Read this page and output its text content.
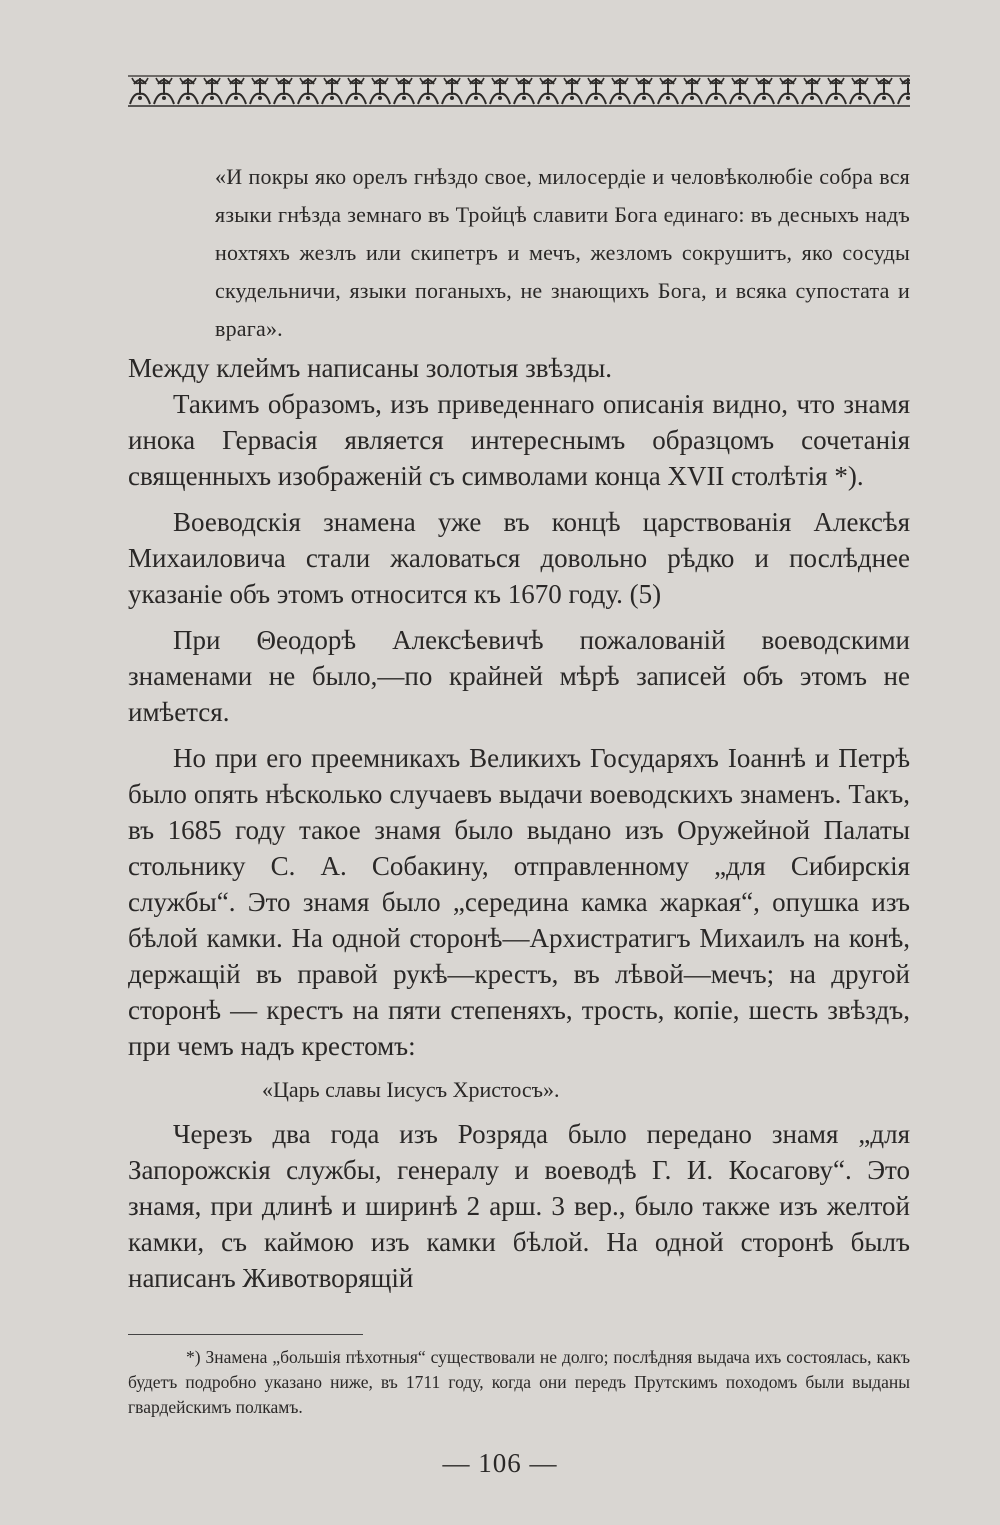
«И покры яко орелъ гнѣздо свое, милосердіе и человѣколюбіе собра вся языки гнѣзда земнаго въ Тройцѣ славити Бога единаго: въ десныхъ надъ нохтяхъ жезлъ или скипетръ и мечъ, жезломъ сокрушитъ, яко сосуды скудельничи, языки поганыхъ, не знающихъ Бога, и всяка супостата и врага».

Между клеймъ написаны золотыя звѣзды.

Такимъ образомъ, изъ приведеннаго описанія видно, что знамя инока Гервасія является интереснымъ образцомъ сочетанія священныхъ изображеній съ символами конца XVII столѣтія *).

Воеводскія знамена уже въ концѣ царствованія Алексѣя Михаиловича стали жаловаться довольно рѣдко и послѣднее указаніе объ этомъ относится къ 1670 году. (5)

При Θеодорѣ Алексѣевичѣ пожалованій воеводскими знаменами не было,—по крайней мѣрѣ записей объ этомъ не имѣется.

Но при его преемникахъ Великихъ Государяхъ Іоаннѣ и Петрѣ было опять нѣсколько случаевъ выдачи воеводскихъ знаменъ. Такъ, въ 1685 году такое знамя было выдано изъ Оружейной Палаты стольнику С. А. Собакину, отправленному „для Сибирскія службы“. Это знамя было „середина камка жаркая“, опушка изъ бѣлой камки. На одной сторонѣ—Архистратигъ Михаилъ на конѣ, держащій въ правой рукѣ—крестъ, въ лѣвой—мечъ; на другой сторонѣ — крестъ на пяти степеняхъ, трость, копіе, шесть звѣздъ, при чемъ надъ крестомъ:

«Царь славы Іисусъ Христосъ».

Черезъ два года изъ Розряда было передано знамя „для Запорожскія службы, генералу и воеводѣ Г. И. Косагову“. Это знамя, при длинѣ и ширинѣ 2 арш. 3 вер., было также изъ желтой камки, съ каймою изъ камки бѣлой. На одной сторонѣ былъ написанъ Животворящій

*) Знамена „большія пѣхотныя“ существовали не долго; послѣдняя выдача ихъ состоялась, какъ будетъ подробно указано ниже, въ 1711 году, когда они передъ Прутскимъ походомъ были выданы гвардейскимъ полкамъ.
— 106 —
